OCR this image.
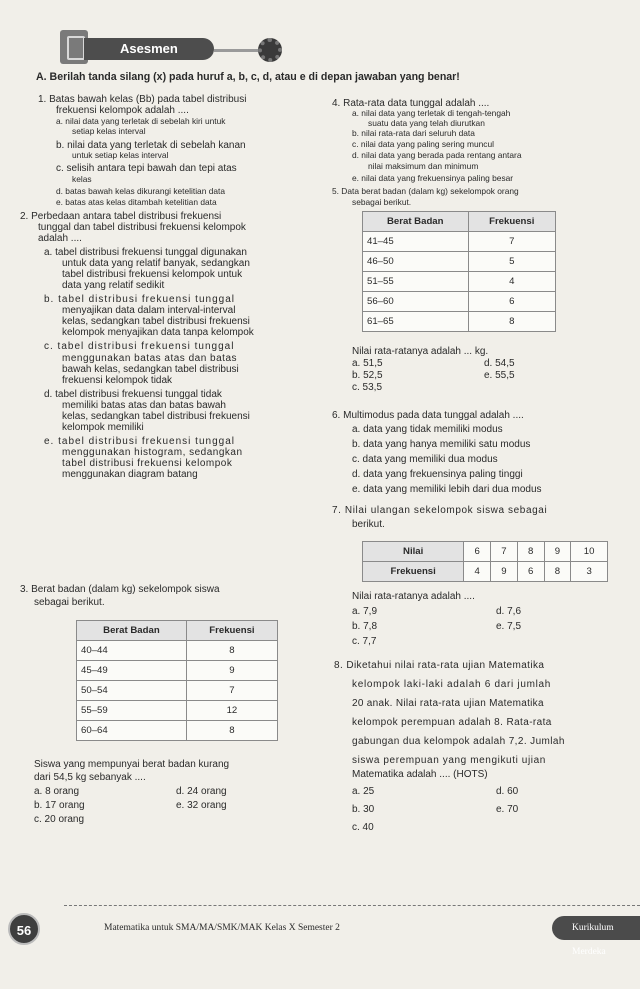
Asesmen
A. Berilah tanda silang (x) pada huruf a, b, c, d, atau e di depan jawaban yang benar!
1. Batas bawah kelas (Bb) pada tabel distribusi
frekuensi kelompok adalah ....
a. nilai data yang terletak di sebelah kiri untuk
setiap kelas interval
b. nilai data yang terletak di sebelah kanan
untuk setiap kelas interval
c. selisih antara tepi bawah dan tepi atas
kelas
d. batas bawah kelas dikurangi ketelitian data
e. batas atas kelas ditambah ketelitian data
2. Perbedaan antara tabel distribusi frekuensi
tunggal dan tabel distribusi frekuensi kelompok
adalah ....
a. tabel distribusi frekuensi tunggal digunakan
untuk data yang relatif banyak, sedangkan
tabel distribusi frekuensi kelompok untuk
data yang relatif sedikit
b. tabel distribusi frekuensi tunggal
menyajikan data dalam interval-interval
kelas, sedangkan tabel distribusi frekuensi
kelompok menyajikan data tanpa kelompok
c. tabel distribusi frekuensi tunggal
menggunakan batas atas dan batas
bawah kelas, sedangkan tabel distribusi
frekuensi kelompok tidak
d. tabel distribusi frekuensi tunggal tidak
memiliki batas atas dan batas bawah
kelas, sedangkan tabel distribusi frekuensi
kelompok memiliki
e. tabel distribusi frekuensi tunggal
menggunakan histogram, sedangkan
tabel distribusi frekuensi kelompok
menggunakan diagram batang
3. Berat badan (dalam kg) sekelompok siswa
sebagai berikut.
Berat Badan	Frekuensi
40–44	8
45–49	9
50–54	7
55–59	12
60–64	8
Siswa yang mempunyai berat badan kurang
dari 54,5 kg sebanyak ....
a. 8 orang	d. 24 orang
b. 17 orang	e. 32 orang
c. 20 orang
4. Rata-rata data tunggal adalah ....
a. nilai data yang terletak di tengah-tengah
suatu data yang telah diurutkan
b. nilai rata-rata dari seluruh data
c. nilai data yang paling sering muncul
d. nilai data yang berada pada rentang antara
nilai maksimum dan minimum
e. nilai data yang frekuensinya paling besar
5. Data berat badan (dalam kg) sekelompok orang
sebagai berikut.
Berat Badan	Frekuensi
41–45	7
46–50	5
51–55	4
56–60	6
61–65	8
Nilai rata-ratanya adalah ... kg.
a. 51,5	d. 54,5
b. 52,5	e. 55,5
c. 53,5
6. Multimodus pada data tunggal adalah ....
a. data yang tidak memiliki modus
b. data yang hanya memiliki satu modus
c. data yang memiliki dua modus
d. data yang frekuensinya paling tinggi
e. data yang memiliki lebih dari dua modus
7. Nilai ulangan sekelompok siswa sebagai
berikut.
Nilai	6	7	8	9	10
Frekuensi	4	9	6	8	3
Nilai rata-ratanya adalah ....
a. 7,9	d. 7,6
b. 7,8	e. 7,5
c. 7,7
8. Diketahui nilai rata-rata ujian Matematika
kelompok laki-laki adalah 6 dari jumlah
20 anak. Nilai rata-rata ujian Matematika
kelompok perempuan adalah 8. Rata-rata
gabungan dua kelompok adalah 7,2. Jumlah
siswa perempuan yang mengikuti ujian
Matematika adalah .... (HOTS)
a. 25	d. 60
b. 30	e. 70
c. 40
56	Matematika untuk SMA/MA/SMK/MAK Kelas X Semester 2	Kurikulum Merdeka
